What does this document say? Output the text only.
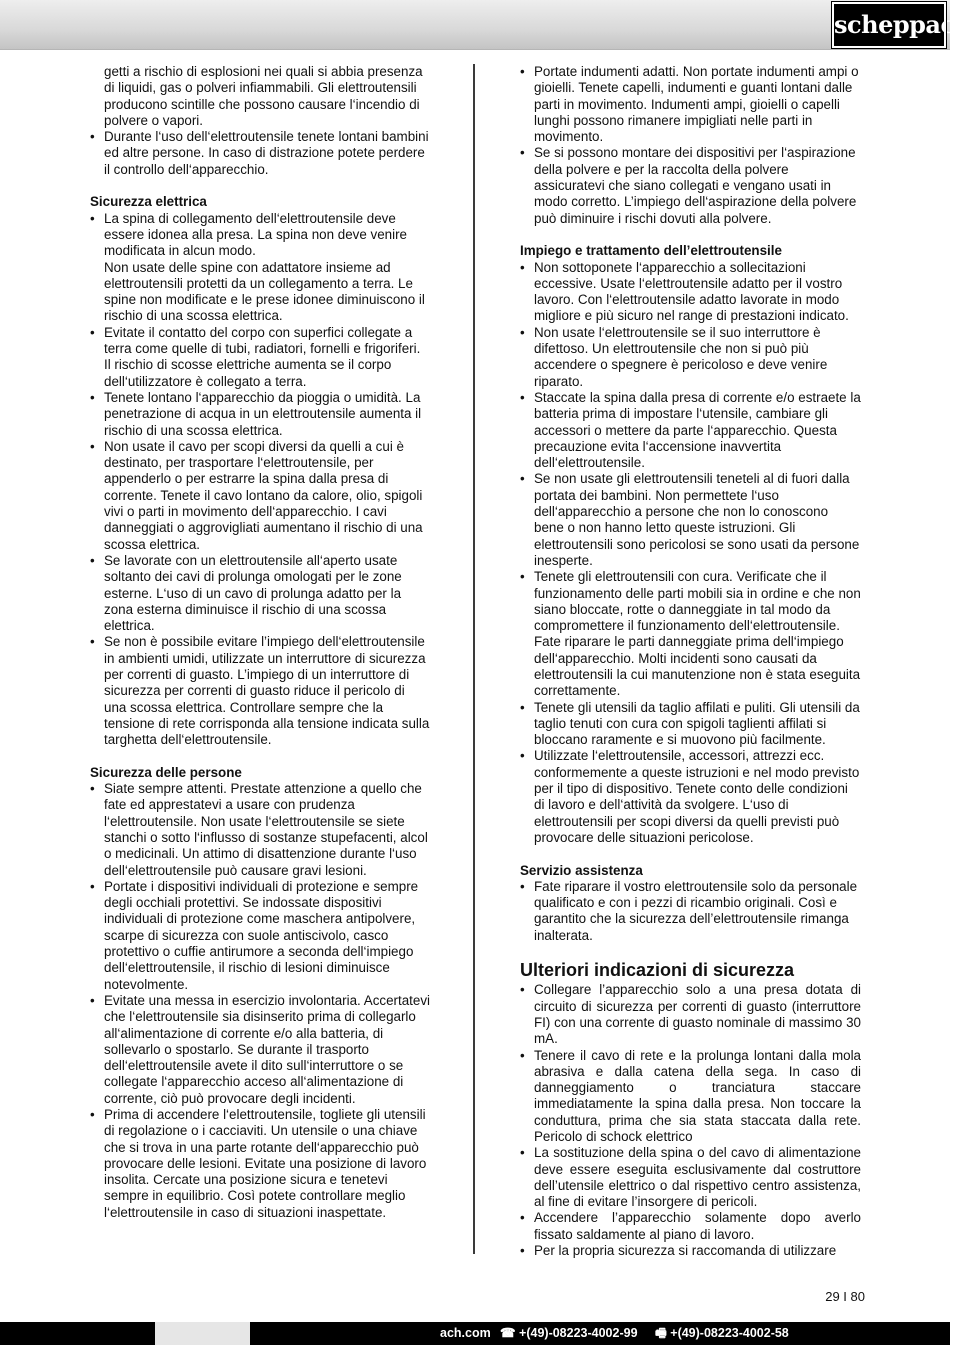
scheppach
getti a rischio di esplosioni nei quali si abbia presenza di liquidi, gas o polveri infiammabili. Gli elettroutensili producono scintille che possono causare l‘incendio di polvere o vapori.
• Durante l‘uso dell‘elettroutensile tenete lontani bambini ed altre persone. In caso di distrazione potete perdere il controllo dell‘apparecchio.
Sicurezza elettrica
• La spina di collegamento dell‘elettroutensile deve essere idonea alla presa. La spina non deve venire modificata in alcun modo.
Non usate delle spine con adattatore insieme ad elettroutensili protetti da un collegamento a terra. Le spine non modificate e le prese idonee diminuiscono il rischio di una scossa elettrica.
• Evitate il contatto del corpo con superfici collegate a terra come quelle di tubi, radiatori, fornelli e frigoriferi. Il rischio di scosse elettriche aumenta se il corpo dell‘utilizzatore è collegato a terra.
• Tenete lontano l‘apparecchio da pioggia o umidità. La penetrazione di acqua in un elettroutensile aumenta il rischio di una scossa elettrica.
• Non usate il cavo per scopi diversi da quelli a cui è destinato, per trasportare l‘elettroutensile, per appenderlo o per estrarre la spina dalla presa di corrente. Tenete il cavo lontano da calore, olio, spigoli vivi o parti in movimento dell‘apparecchio. I cavi danneggiati o aggrovigliati aumentano il rischio di una scossa elettrica.
• Se lavorate con un elettroutensile all‘aperto usate soltanto dei cavi di prolunga omologati per le zone esterne. L‘uso di un cavo di prolunga adatto per la zona esterna diminuisce il rischio di una scossa elettrica.
• Se non è possibile evitare l’impiego dell‘elettroutensile in ambienti umidi, utilizzate un interruttore di sicurezza per correnti di guasto. L’impiego di un interruttore di sicurezza per correnti di guasto riduce il pericolo di una scossa elettrica. Controllare sempre che la tensione di rete corrisponda alla tensione indicata sulla targhetta dell‘elettroutensile.
Sicurezza delle persone
• Siate sempre attenti. Prestate attenzione a quello che fate ed apprestatevi a usare con prudenza l‘elettroutensile. Non usate l‘elettroutensile se siete stanchi o sotto l‘influsso di sostanze stupefacenti, alcol o medicinali. Un attimo di disattenzione durante l‘uso dell‘elettroutensile può causare gravi lesioni.
• Portate i dispositivi individuali di protezione e sempre degli occhiali protettivi. Se indossate dispositivi individuali di protezione come maschera antipolvere, scarpe di sicurezza con suole antiscivolo, casco protettivo o cuffie antirumore a seconda dell‘impiego dell‘elettroutensile, il rischio di lesioni diminuisce notevolmente.
• Evitate una messa in esercizio involontaria. Accertatevi che l‘elettroutensile sia disinserito prima di collegarlo all‘alimentazione di corrente e/o alla batteria, di sollevarlo o spostarlo. Se durante il trasporto dell‘elettroutensile avete il dito sull‘interruttore o se collegate l‘apparecchio acceso all‘alimentazione di corrente, ciò può provocare degli incidenti.
• Prima di accendere l‘elettroutensile, togliete gli utensili di regolazione o i cacciaviti. Un utensile o una chiave che si trova in una parte rotante dell‘apparecchio può provocare delle lesioni. Evitate una posizione di lavoro insolita. Cercate una posizione sicura e tenetevi sempre in equilibrio. Così potete controllare meglio l‘elettroutensile in caso di situazioni inaspettate.
• Portate indumenti adatti. Non portate indumenti ampi o gioielli. Tenete capelli, indumenti e guanti lontani dalle parti in movimento. Indumenti ampi, gioielli o capelli lunghi possono rimanere impigliati nelle parti in movimento.
• Se si possono montare dei dispositivi per l‘aspirazione della polvere e per la raccolta della polvere assicuratevi che siano collegati e vengano usati in modo corretto. L’impiego dell‘aspirazione della polvere può diminuire i rischi dovuti alla polvere.
Impiego e trattamento dell’elettroutensile
• Non sottoponete l‘apparecchio a sollecitazioni eccessive. Usate l‘elettroutensile adatto per il vostro lavoro. Con l‘elettroutensile adatto lavorate in modo migliore e più sicuro nel range di prestazioni indicato.
• Non usate l‘elettroutensile se il suo interruttore è difettoso. Un elettroutensile che non si può più accendere o spegnere è pericoloso e deve venire riparato.
• Staccate la spina dalla presa di corrente e/o estraete la batteria prima di impostare l‘utensile, cambiare gli accessori o mettere da parte l‘apparecchio. Questa precauzione evita l‘accensione inavvertita dell‘elettroutensile.
• Se non usate gli elettroutensili teneteli al di fuori dalla portata dei bambini. Non permettete l‘uso dell‘apparecchio a persone che non lo conoscono bene o non hanno letto queste istruzioni. Gli elettroutensili sono pericolosi se sono usati da persone inesperte.
• Tenete gli elettroutensili con cura. Verificate che il funzionamento delle parti mobili sia in ordine e che non siano bloccate, rotte o danneggiate in tal modo da compromettere il funzionamento dell‘elettroutensile. Fate riparare le parti danneggiate prima dell‘impiego dell‘apparecchio. Molti incidenti sono causati da elettroutensili la cui manutenzione non è stata eseguita correttamente.
• Tenete gli utensili da taglio affilati e puliti. Gli utensili da taglio tenuti con cura con spigoli taglienti affilati si bloccano raramente e si muovono più facilmente.
• Utilizzate l‘elettroutensile, accessori, attrezzi ecc. conformemente a queste istruzioni e nel modo previsto per il tipo di dispositivo. Tenete conto delle condizioni di lavoro e dell‘attività da svolgere. L‘uso di elettroutensili per scopi diversi da quelli previsti può provocare delle situazioni pericolose.
Servizio assistenza
• Fate riparare il vostro elettroutensile solo da personale qualificato e con i pezzi di ricambio originali. Così e garantito che la sicurezza dell’elettroutensile rimanga inalterata.
Ulteriori indicazioni di sicurezza
• Collegare l’apparecchio solo a una presa dotata di circuito di sicurezza per correnti di guasto (interruttore FI) con una corrente di guasto nominale di massimo 30 mA.
• Tenere il cavo di rete e la prolunga lontani dalla mola abrasiva e dalla catena della sega. In caso di danneggiamento o tranciatura staccare immediatamente la spina dalla presa. Non toccare la conduttura, prima che sia stata staccata dalla rete. Pericolo di schock elettrico
• La sostituzione della spina o del cavo di alimentazione deve essere eseguita esclusivamente dal costruttore dell’utensile elettrico o dal rispettivo centro assistenza, al fine di evitare l’insorgere di pericoli.
• Accendere l’apparecchio solamente dopo averlo fissato saldamente al piano di lavoro.
• Per la propria sicurezza si raccomanda di utilizzare
29 I 80
ach.com ☎ +(49)-08223-4002-99 🖷 +(49)-08223-4002-58
